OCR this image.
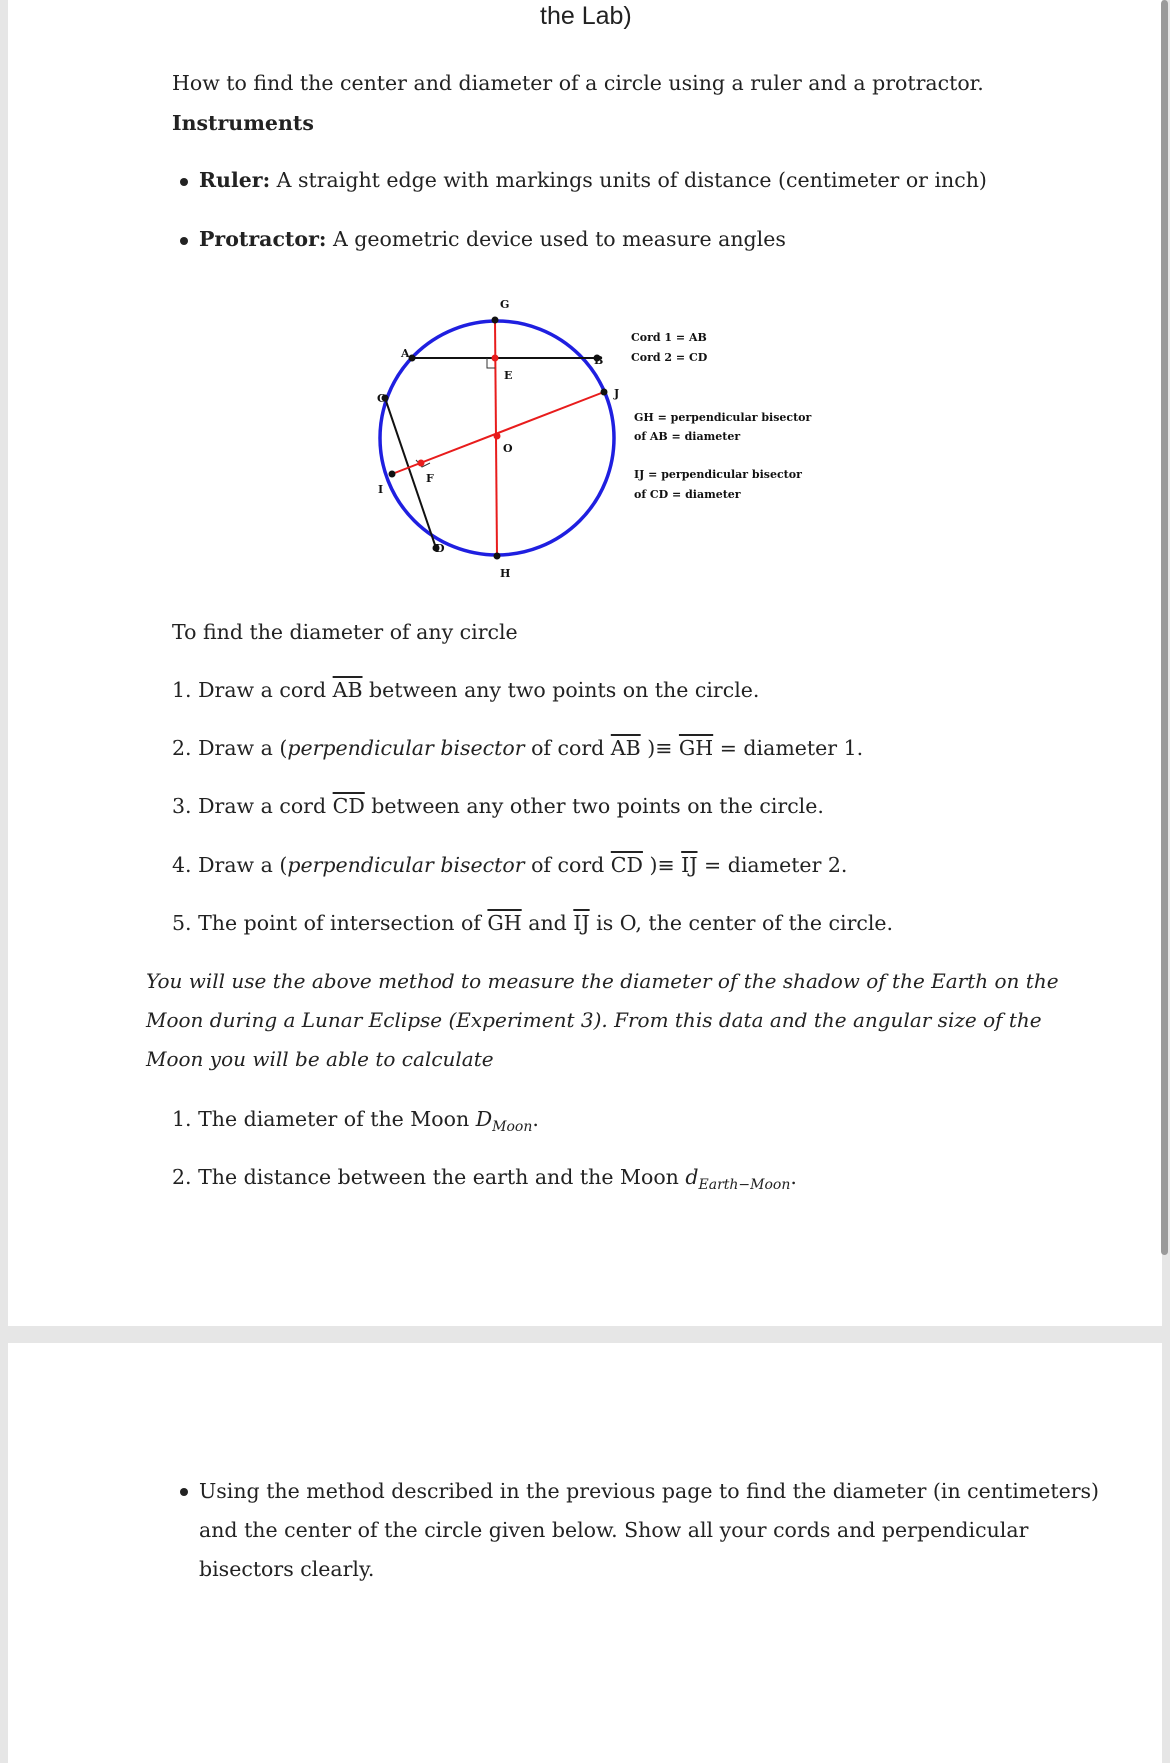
the Lab)
How to find the center and diameter of a circle using a ruler and a protractor.
Instruments
Ruler: A straight edge with markings units of distance (centimeter or inch)
Protractor: A geometric device used to measure angles
G
H
A
B
C
D
E
F
I
J
O
Cord 1 = AB
Cord 2 = CD
GH = perpendicular bisector
of AB = diameter
IJ = perpendicular bisector
of CD = diameter
To find the diameter of any circle
1. Draw a cord $\overline{AB}$ between any two points on the circle.
2. Draw a (perpendicular bisector of cord $\overline{AB}$ )≡ $\overline{GH}$ = diameter 1.
3. Draw a cord $\overline{CD}$ between any other two points on the circle.
4. Draw a (perpendicular bisector of cord $\overline{CD}$ )≡ $\overline{IJ}$ = diameter 2.
5. The point of intersection of $\overline{GH}$ and $\overline{IJ}$ is O, the center of the circle.
You will use the above method to measure the diameter of the shadow of the Earth on the
Moon during a Lunar Eclipse (Experiment 3). From this data and the angular size of the
Moon you will be able to calculate
1. The diameter of the Moon $D_{Moon}$.
2. The distance between the earth and the Moon $d_{Earth-Moon}$.
Using the method described in the previous page to find the diameter (in centimeters)
and the center of the circle given below. Show all your cords and perpendicular
bisectors clearly.
